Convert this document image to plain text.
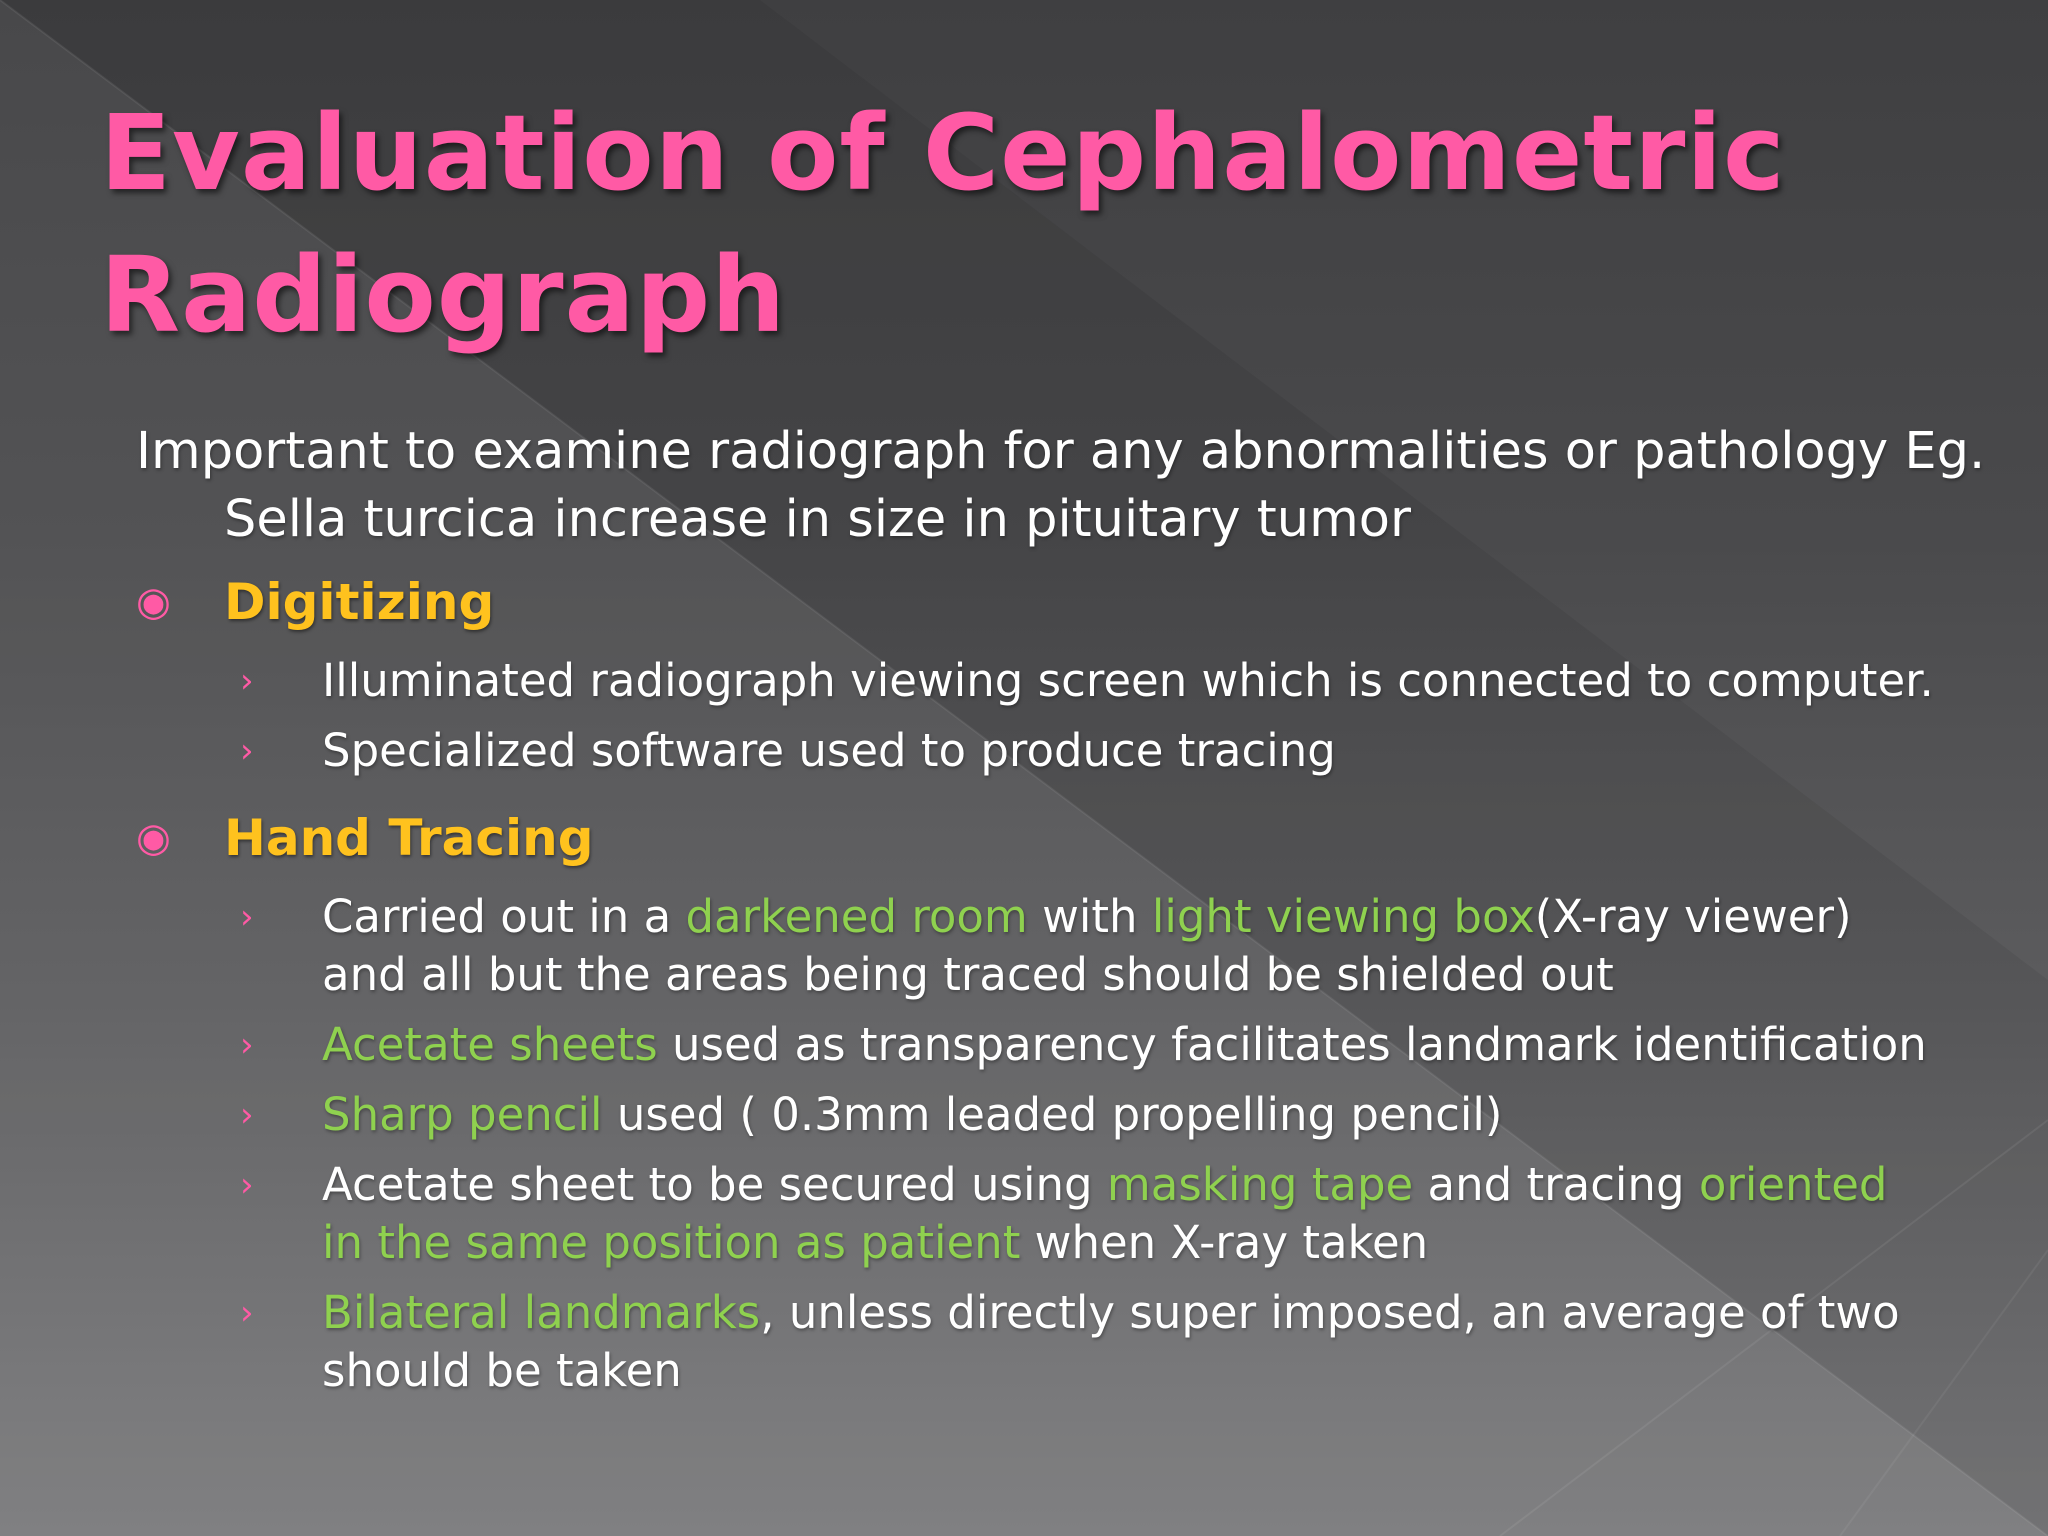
Evaluation of Cephalometric
Radiograph

Important to examine radiograph for any abnormalities or pathology Eg. Sella turcica increase in size in pituitary tumor

◉	Digitizing
›	Illuminated radiograph viewing screen which is connected to computer.
›	Specialized software used to produce tracing
◉	Hand Tracing
›	Carried out in a darkened room with light viewing box(X-ray viewer) and all but the areas being traced should be shielded out
›	Acetate sheets used as transparency facilitates landmark identification
›	Sharp pencil used ( 0.3mm leaded propelling pencil)
›	Acetate sheet to be secured using masking tape and tracing oriented in the same position as patient when X-ray taken
›	Bilateral landmarks, unless directly super imposed, an average of two should be taken
